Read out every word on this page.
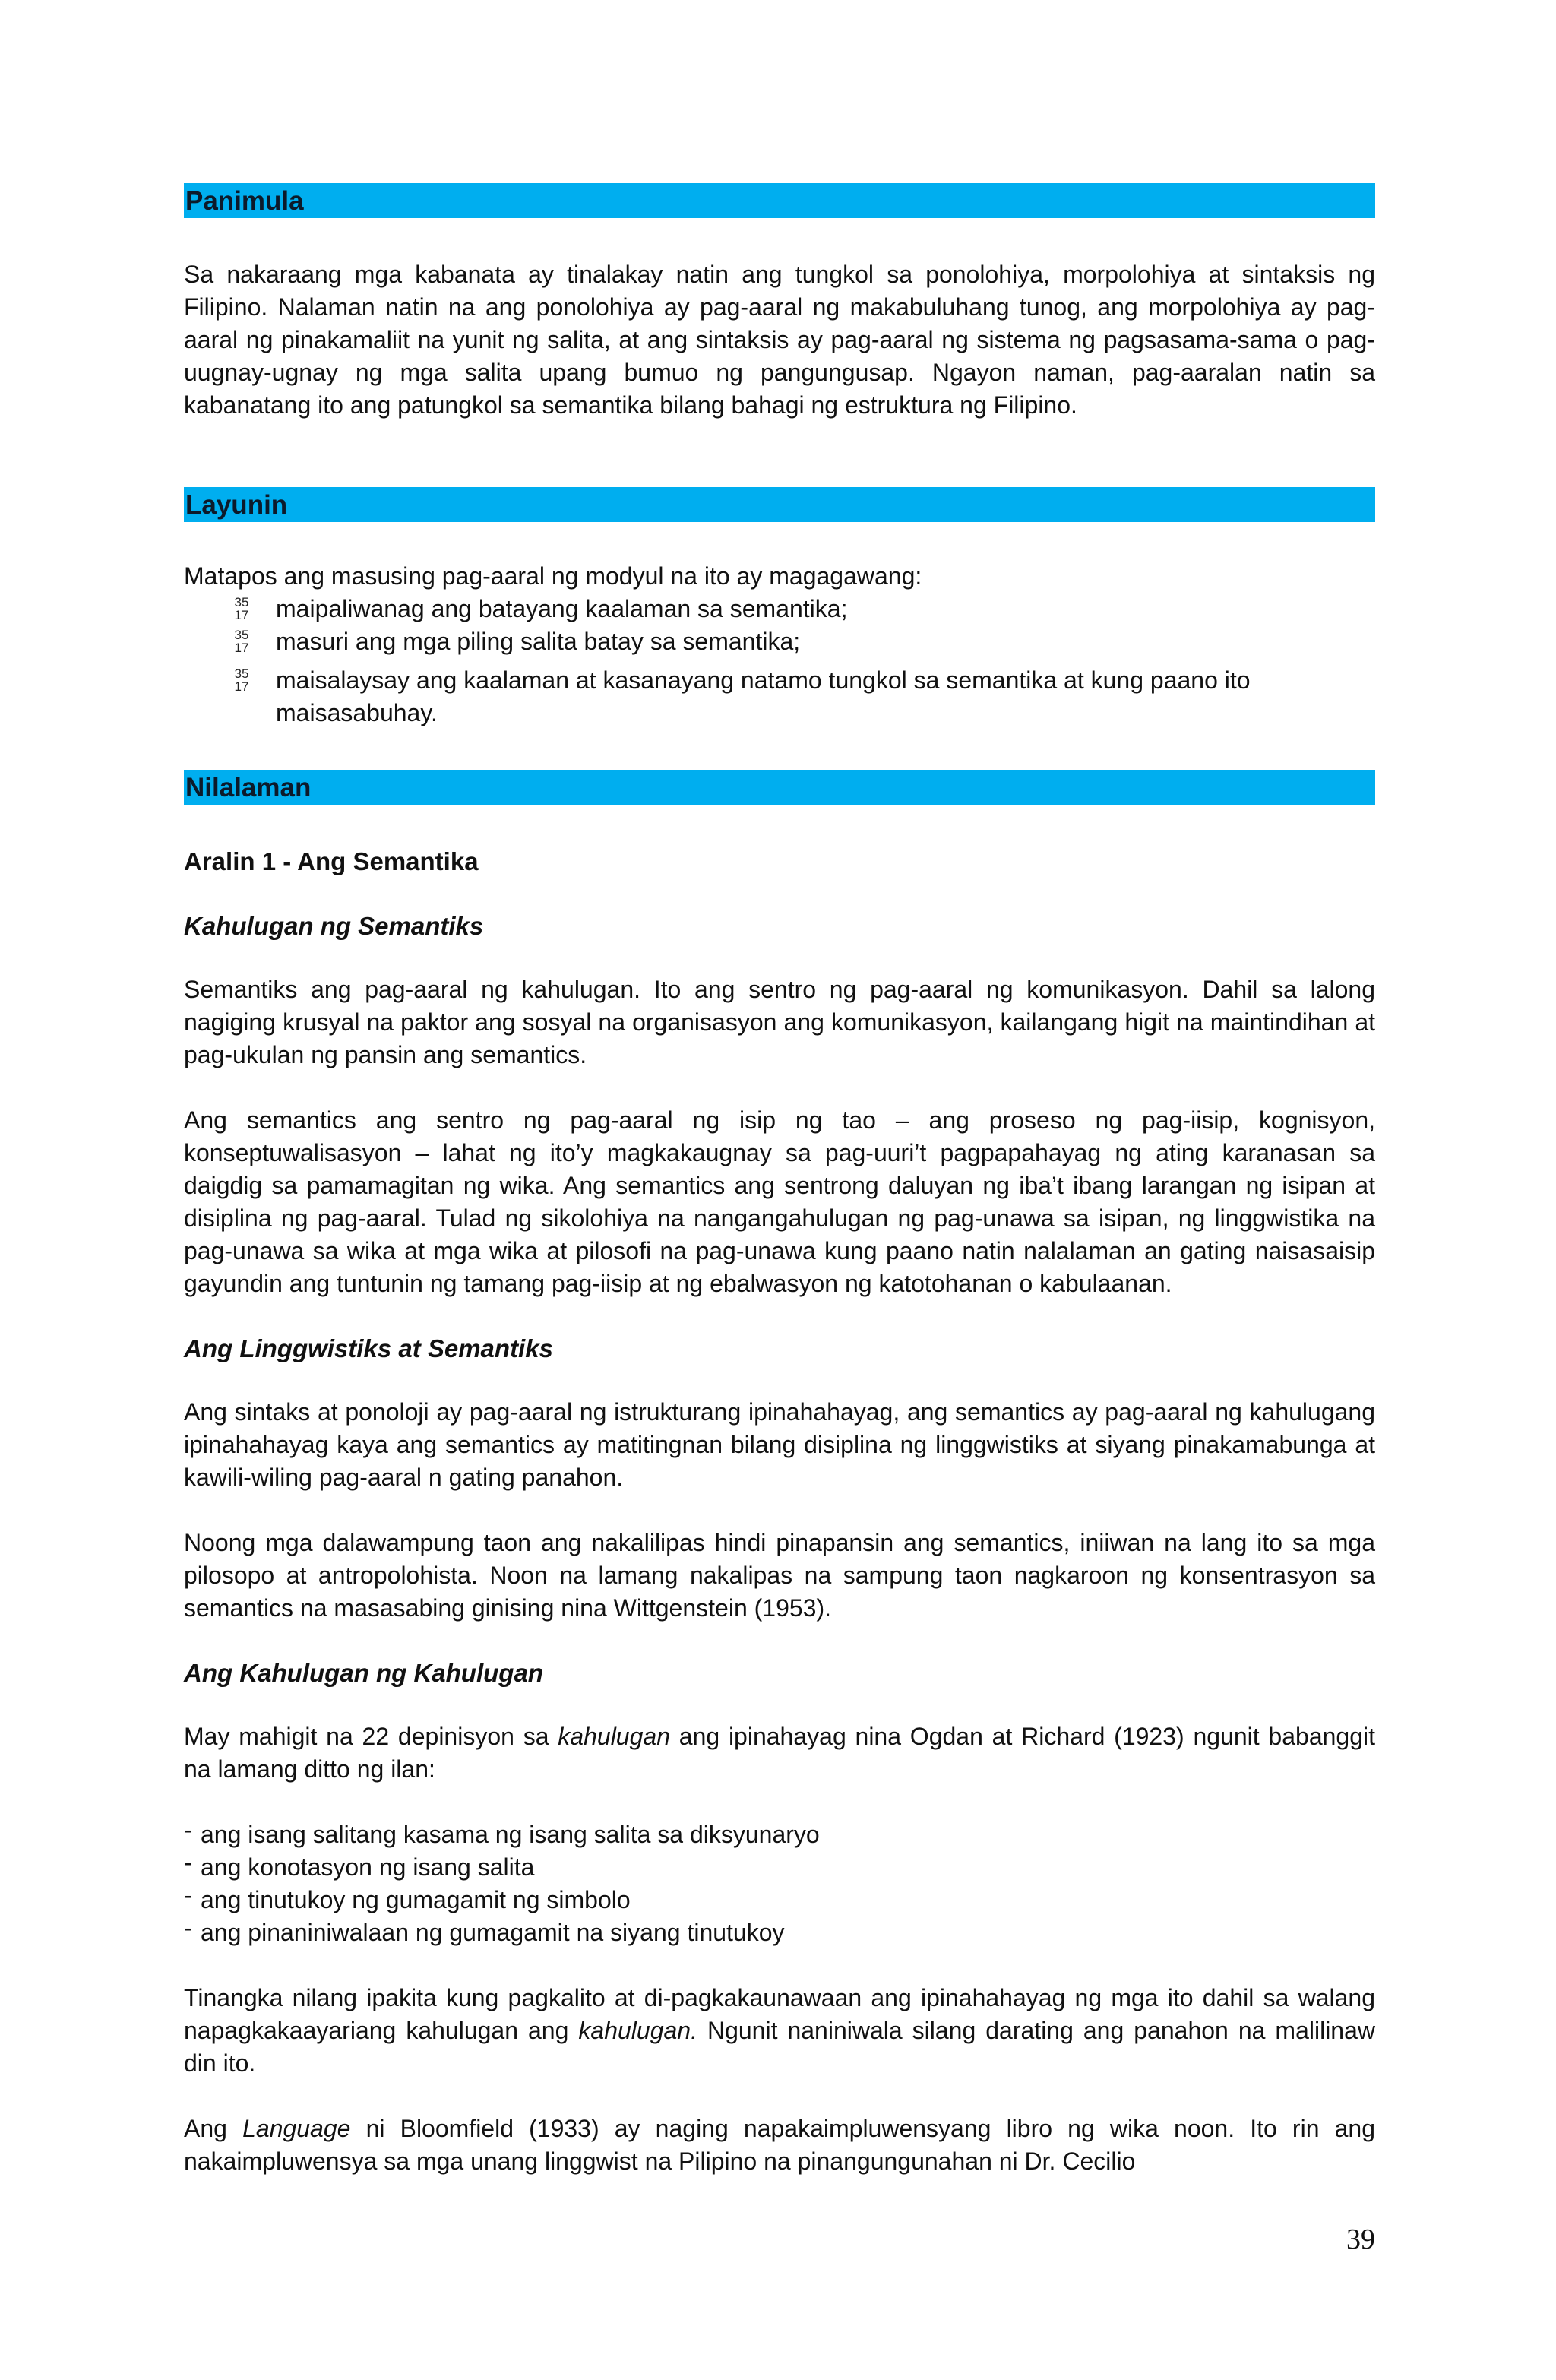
Panimula

Sa nakaraang mga kabanata ay tinalakay natin ang tungkol sa ponolohiya, morpolohiya at sintaksis ng Filipino. Nalaman natin na ang ponolohiya ay pag-aaral ng makabuluhang tunog, ang morpolohiya ay pag-aaral ng pinakamaliit na yunit ng salita, at ang sintaksis ay pag-aaral ng sistema ng pagsasama-sama o pag-uugnay-ugnay ng mga salita upang bumuo ng pangungusap. Ngayon naman, pag-aaralan natin sa kabanatang ito ang patungkol sa semantika bilang bahagi ng estruktura ng Filipino.

Layunin

Matapos ang masusing pag-aaral ng modyul na ito ay magagawang:

35
17 maipaliwanag ang batayang kaalaman sa semantika;
35
17 masuri ang mga piling salita batay sa semantika;
35
17 maisalaysay ang kaalaman at kasanayang natamo tungkol sa semantika at kung paano ito maisasabuhay.
Nilalaman

Aralin 1 - Ang Semantika

Kahulugan ng Semantiks

Semantiks ang pag-aaral ng kahulugan. Ito ang sentro ng pag-aaral ng komunikasyon. Dahil sa lalong nagiging krusyal na paktor ang sosyal na organisasyon ang komunikasyon, kailangang higit na maintindihan at pag-ukulan ng pansin ang semantics.

Ang semantics ang sentro ng pag-aaral ng isip ng tao – ang proseso ng pag-iisip, kognisyon, konseptuwalisasyon – lahat ng ito’y magkakaugnay sa pag-uuri’t pagpapahayag ng ating karanasan sa daigdig sa pamamagitan ng wika. Ang semantics ang sentrong daluyan ng iba’t ibang larangan ng isipan at disiplina ng pag-aaral. Tulad ng sikolohiya na nangangahulugan ng pag-unawa sa isipan, ng linggwistika na pag-unawa sa wika at mga wika at pilosofi na pag-unawa kung paano natin nalalaman an gating naisasaisip gayundin ang tuntunin ng tamang pag-iisip at ng ebalwasyon ng katotohanan o kabulaanan.

Ang Linggwistiks at Semantiks

Ang sintaks at ponoloji ay pag-aaral ng istrukturang ipinahahayag, ang semantics ay pag-aaral ng kahulugang ipinahahayag kaya ang semantics ay matitingnan bilang disiplina ng linggwistiks at siyang pinakamabunga at kawili-wiling pag-aaral n gating panahon.

Noong mga dalawampung taon ang nakalilipas hindi pinapansin ang semantics, iniiwan na lang ito sa mga pilosopo at antropolohista. Noon na lamang nakalipas na sampung taon nagkaroon ng konsentrasyon sa semantics na masasabing ginising nina Wittgenstein (1953).

Ang Kahulugan ng Kahulugan

May mahigit na 22 depinisyon sa kahulugan ang ipinahayag nina Ogdan at Richard (1923) ngunit babanggit na lamang ditto ng ilan:

- ang isang salitang kasama ng isang salita sa diksyunaryo
- ang konotasyon ng isang salita
- ang tinutukoy ng gumagamit ng simbolo
- ang pinaniniwalaan ng gumagamit na siyang tinutukoy

Tinangka nilang ipakita kung pagkalito at di-pagkakaunawaan ang ipinahahayag ng mga ito dahil sa walang napagkakaayariang kahulugan ang kahulugan. Ngunit naniniwala silang darating ang panahon na malilinaw din ito.

Ang Language ni Bloomfield (1933) ay naging napakaimpluwensyang libro ng wika noon. Ito rin ang nakaimpluwensya sa mga unang linggwist na Pilipino na pinangungunahan ni Dr. Cecilio

39
